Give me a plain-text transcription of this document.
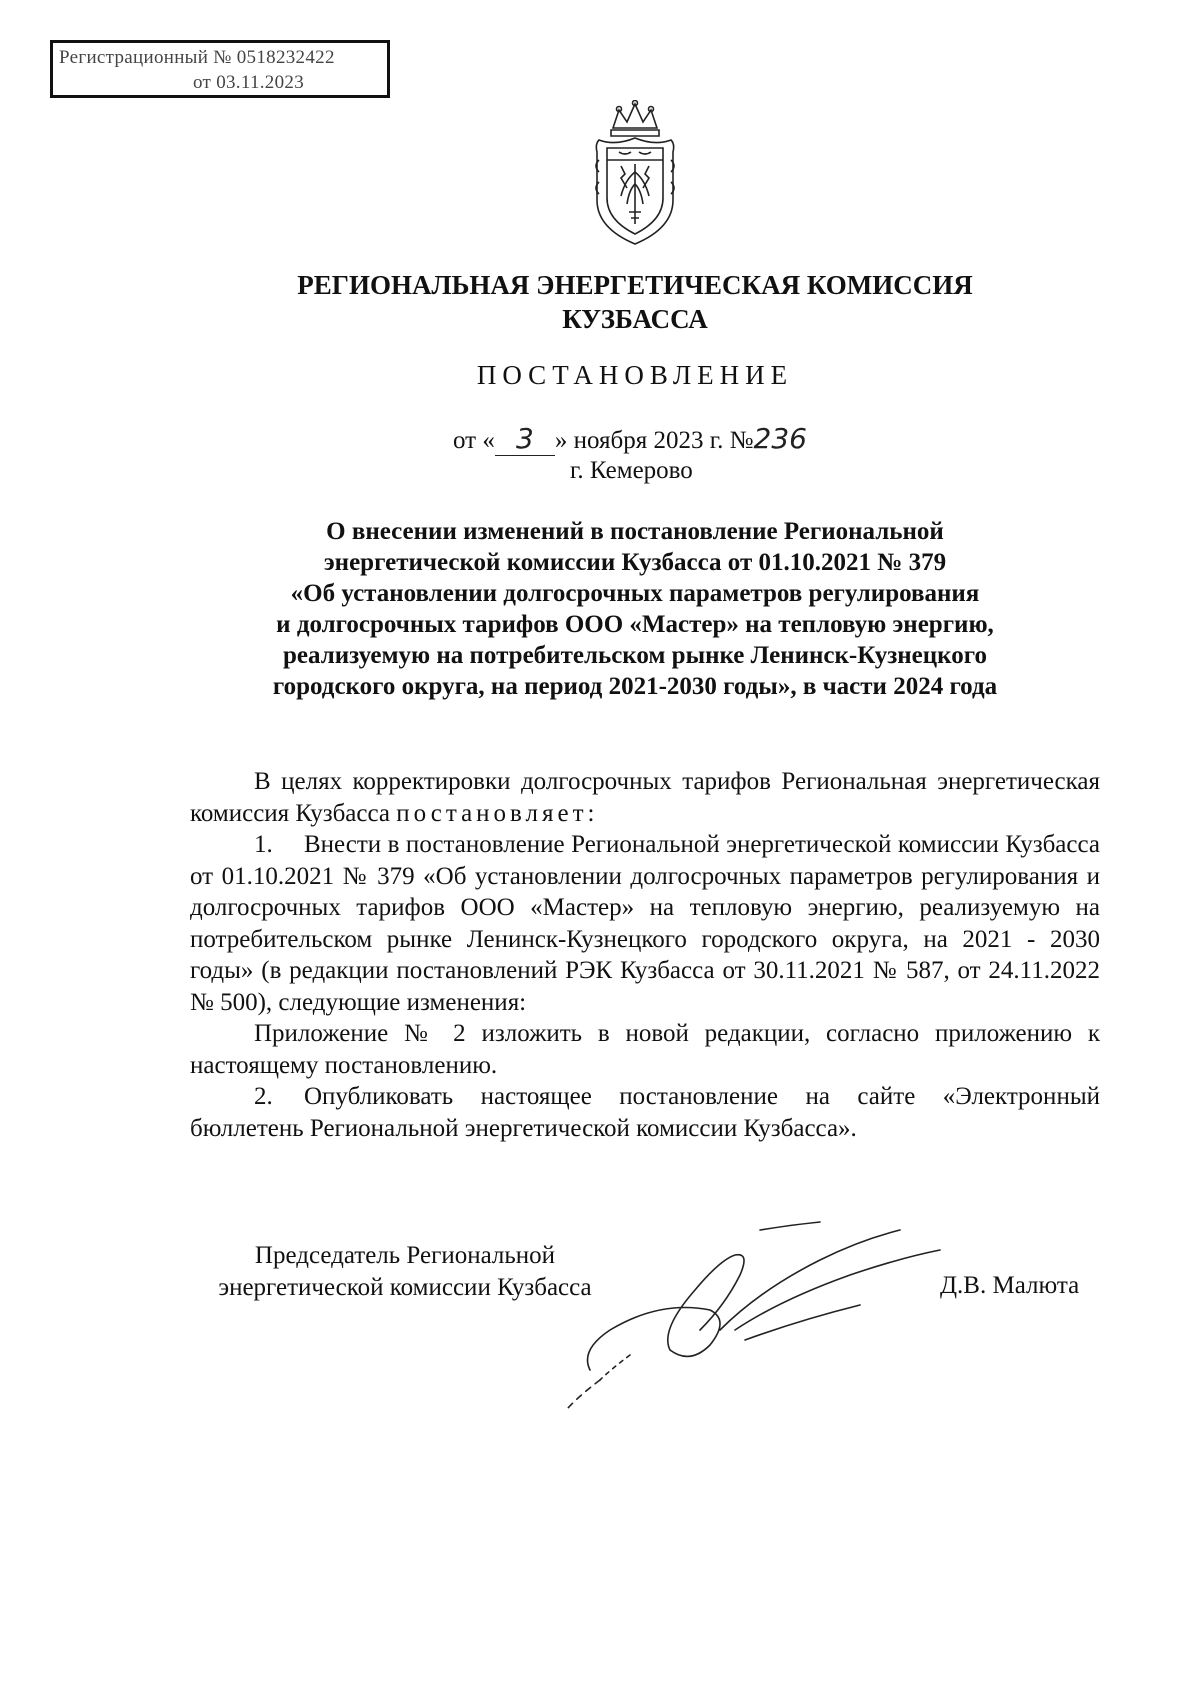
Регистрационный № 0518232422
от 03.11.2023
РЕГИОНАЛЬНАЯ ЭНЕРГЕТИЧЕСКАЯ КОМИССИЯ
КУЗБАССА
ПОСТАНОВЛЕНИЕ
от « 3 » ноября 2023 г. №236
г. Кемерово
О внесении изменений в постановление Региональной
энергетической комиссии Кузбасса от 01.10.2021 № 379
«Об установлении долгосрочных параметров регулирования
и долгосрочных тарифов ООО «Мастер» на тепловую энергию,
реализуемую на потребительском рынке Ленинск-Кузнецкого
городского округа, на период 2021-2030 годы», в части 2024 года

В целях корректировки долгосрочных тарифов Региональная энергетическая комиссия Кузбасса постановляет:

1. Внести в постановление Региональной энергетической комиссии Кузбасса от 01.10.2021 № 379 «Об установлении долгосрочных параметров регулирования и долгосрочных тарифов ООО «Мастер» на тепловую энергию, реализуемую на потребительском рынке Ленинск-Кузнецкого городского округа, на 2021 - 2030 годы» (в редакции постановлений РЭК Кузбасса от 30.11.2021 № 587, от 24.11.2022 № 500), следующие изменения:

Приложение № 2 изложить в новой редакции, согласно приложению к настоящему постановлению.

2. Опубликовать настоящее постановление на сайте «Электронный бюллетень Региональной энергетической комиссии Кузбасса».

Председатель Региональной
энергетической комиссии Кузбасса	Д.В. Малюта
